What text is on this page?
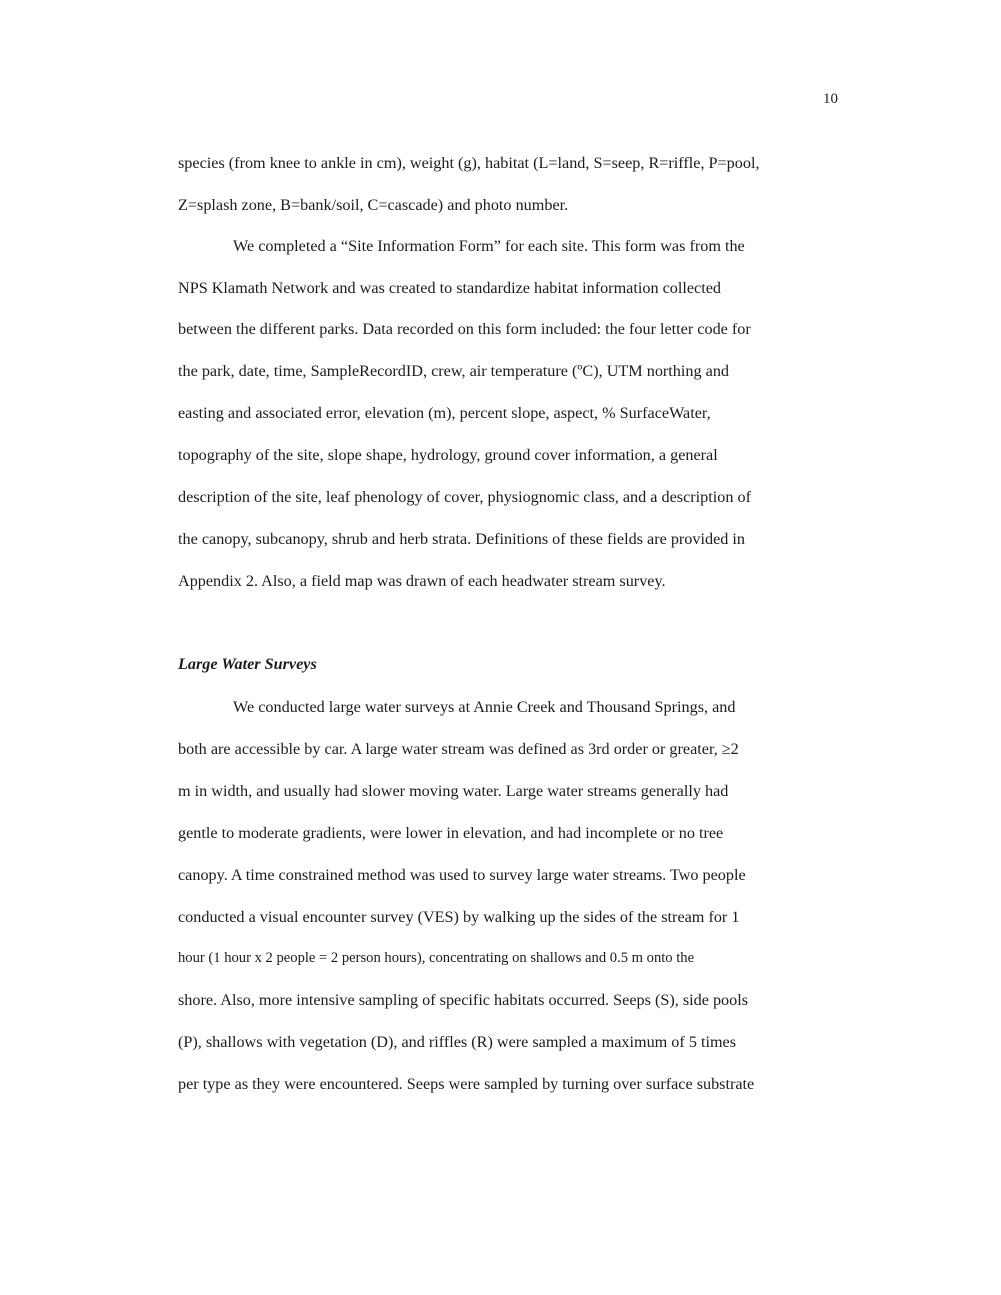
10
species (from knee to ankle in cm), weight (g), habitat (L=land, S=seep, R=riffle, P=pool,
Z=splash zone, B=bank/soil, C=cascade) and photo number.
We completed a “Site Information Form” for each site. This form was from the
NPS Klamath Network and was created to standardize habitat information collected
between the different parks. Data recorded on this form included: the four letter code for
the park, date, time, SampleRecordID, crew, air temperature (ºC), UTM northing and
easting and associated error, elevation (m), percent slope, aspect, % SurfaceWater,
topography of the site, slope shape, hydrology, ground cover information, a general
description of the site, leaf phenology of cover, physiognomic class, and a description of
the canopy, subcanopy, shrub and herb strata. Definitions of these fields are provided in
Appendix 2. Also, a field map was drawn of each headwater stream survey.
Large Water Surveys
We conducted large water surveys at Annie Creek and Thousand Springs, and
both are accessible by car. A large water stream was defined as 3rd order or greater, ≥2
m in width, and usually had slower moving water. Large water streams generally had
gentle to moderate gradients, were lower in elevation, and had incomplete or no tree
canopy. A time constrained method was used to survey large water streams. Two people
conducted a visual encounter survey (VES) by walking up the sides of the stream for 1
hour (1 hour x 2 people = 2 person hours), concentrating on shallows and 0.5 m onto the
shore. Also, more intensive sampling of specific habitats occurred. Seeps (S), side pools
(P), shallows with vegetation (D), and riffles (R) were sampled a maximum of 5 times
per type as they were encountered. Seeps were sampled by turning over surface substrate
